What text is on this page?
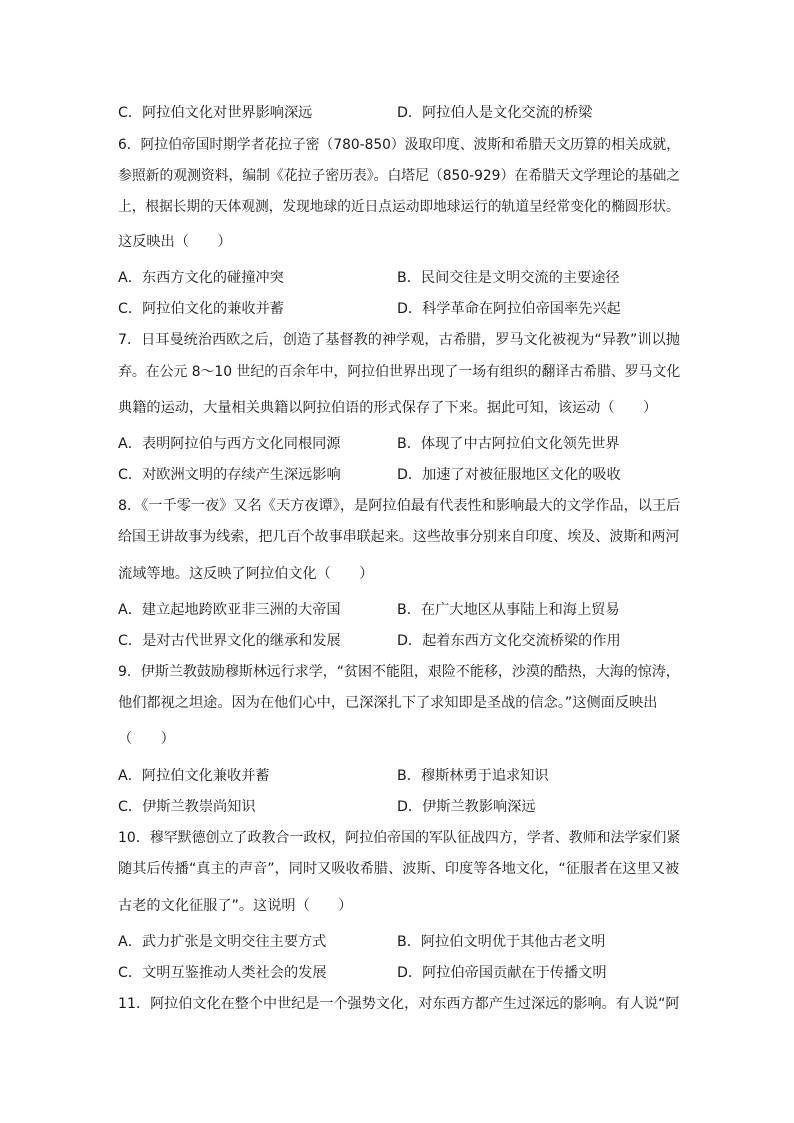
C．阿拉伯文化对世界影响深远	D．阿拉伯人是文化交流的桥梁
6．阿拉伯帝国时期学者花拉子密（780-850）汲取印度、波斯和希腊天文历算的相关成就，
参照新的观测资料，编制《花拉子密历表》。白塔尼（850-929）在希腊天文学理论的基础之
上，根据长期的天体观测，发现地球的近日点运动即地球运行的轨道呈经常变化的椭圆形状。
这反映出（　　）
A．东西方文化的碰撞冲突	B．民间交往是文明交流的主要途径
C．阿拉伯文化的兼收并蓄	D．科学革命在阿拉伯帝国率先兴起
7．日耳曼统治西欧之后，创造了基督教的神学观，古希腊，罗马文化被视为“异教”训以抛
弃。在公元 8～10 世纪的百余年中，阿拉伯世界出现了一场有组织的翻译古希腊、罗马文化
典籍的运动，大量相关典籍以阿拉伯语的形式保存了下来。据此可知，该运动（　　）
A．表明阿拉伯与西方文化同根同源	B．体现了中古阿拉伯文化领先世界
C．对欧洲文明的存续产生深远影响	D．加速了对被征服地区文化的吸收
8．《一千零一夜》又名《天方夜谭》，是阿拉伯最有代表性和影响最大的文学作品，以王后
给国王讲故事为线索，把几百个故事串联起来。这些故事分别来自印度、埃及、波斯和两河
流域等地。这反映了阿拉伯文化（　　）
A．建立起地跨欧亚非三洲的大帝国	B．在广大地区从事陆上和海上贸易
C．是对古代世界文化的继承和发展	D．起着东西方文化交流桥梁的作用
9．伊斯兰教鼓励穆斯林远行求学，“贫困不能阻，艰险不能移，沙漠的酷热，大海的惊涛，
他们都视之坦途。因为在他们心中，已深深扎下了求知即是圣战的信念。”这侧面反映出
（　　）
A．阿拉伯文化兼收并蓄	B．穆斯林勇于追求知识
C．伊斯兰教崇尚知识	D．伊斯兰教影响深远
10．穆罕默德创立了政教合一政权，阿拉伯帝国的军队征战四方，学者、教师和法学家们紧
随其后传播“真主的声音”，同时又吸收希腊、波斯、印度等各地文化，“征服者在这里又被
古老的文化征服了”。这说明（　　）
A．武力扩张是文明交往主要方式	B．阿拉伯文明优于其他古老文明
C．文明互鉴推动人类社会的发展	D．阿拉伯帝国贡献在于传播文明
11．阿拉伯文化在整个中世纪是一个强势文化，对东西方都产生过深远的影响。有人说“阿
